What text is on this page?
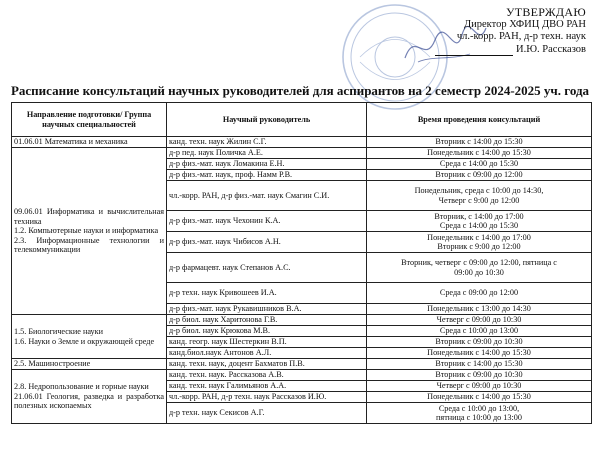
УТВЕРЖДАЮ
Директор ХФИЦ ДВО РАН
чл.-корр. РАН, д-р техн. наук
И.Ю. Рассказов
Расписание консультаций научных руководителей для аспирантов на 2 семестр 2024-2025 уч. года
Направление подготовки/ Группа научных специальностей	Научный руководитель	Время проведения консультаций

01.06.01 Математика и механика	канд. техн. наук Жилин С.Г.	Вторник с 14:00 до 15:30

09.06.01 Информатика и вычислительная техника
1.2. Компьютерные науки и информатика
2.3. Информационные технологии и телекоммуникации	д-р пед. наук Поличка А.Е.	Понедельник с 14:00 до 15:30

	д-р физ.-мат. наук Ломакина Е.Н.	Среда с 14:00 до 15:30

	д-р физ.-мат. наук, проф. Намм Р.В.	Вторник с 09:00 до 12:00

	чл.-корр. РАН, д-р физ.-мат. наук Смагин С.И.	Понедельник, среда с 10:00 до 14:30,
Четверг с 9:00 до 12:00

	д-р физ.-мат. наук Чехонин К.А.	Вторник, с 14:00 до 17:00
Среда с 14:00 до 15:30

	д-р физ.-мат. наук Чибисов А.Н.	Понедельник с 14:00 до 17:00
Вторник с 9:00 до 12:00

	д-р фармацевт. наук Степанов А.С.	Вторник, четверг с 09:00 до 12:00, пятница с
09:00 до 10:30

	д-р техн. наук Кривошеев И.А.	Среда с 09:00 до 12:00

	д-р физ.-мат. наук Рукавишников В.А.	Понедельник с 13:00 до 14:30

1.5. Биологические науки
1.6. Науки о Земле и окружающей среде	д-р биол. наук Харитонова Г.В.	Четверг с 09:00 до 10:30

	д-р биол. наук Крюкова М.В.	Среда с 10:00 до 13:00

	канд. геогр. наук Шестеркин В.П.	Вторник с 09:00 до 10:30

	канд.биол.наук Антонов А.Л.	Понедельник с 14:00 до 15:30

2.5. Машиностроение	канд. техн. наук, доцент Бахматов П.В.	Вторник с 14:00 до 15:30

2.8. Недропользование и горные науки
21.06.01 Геология, разведка и разработка полезных ископаемых	канд. техн. наук. Рассказова А.В.	Вторник с 09:00 до 10:30

	канд. техн. наук Галимьянов А.А.	Четверг с 09:00 до 10:30

	чл.-корр. РАН, д-р техн. наук Рассказов И.Ю.	Понедельник с 14:00 до 15:30

	д-р техн. наук Секисов А.Г.	Среда с 10:00 до 13:00,
пятница с 10:00 до 13:00
